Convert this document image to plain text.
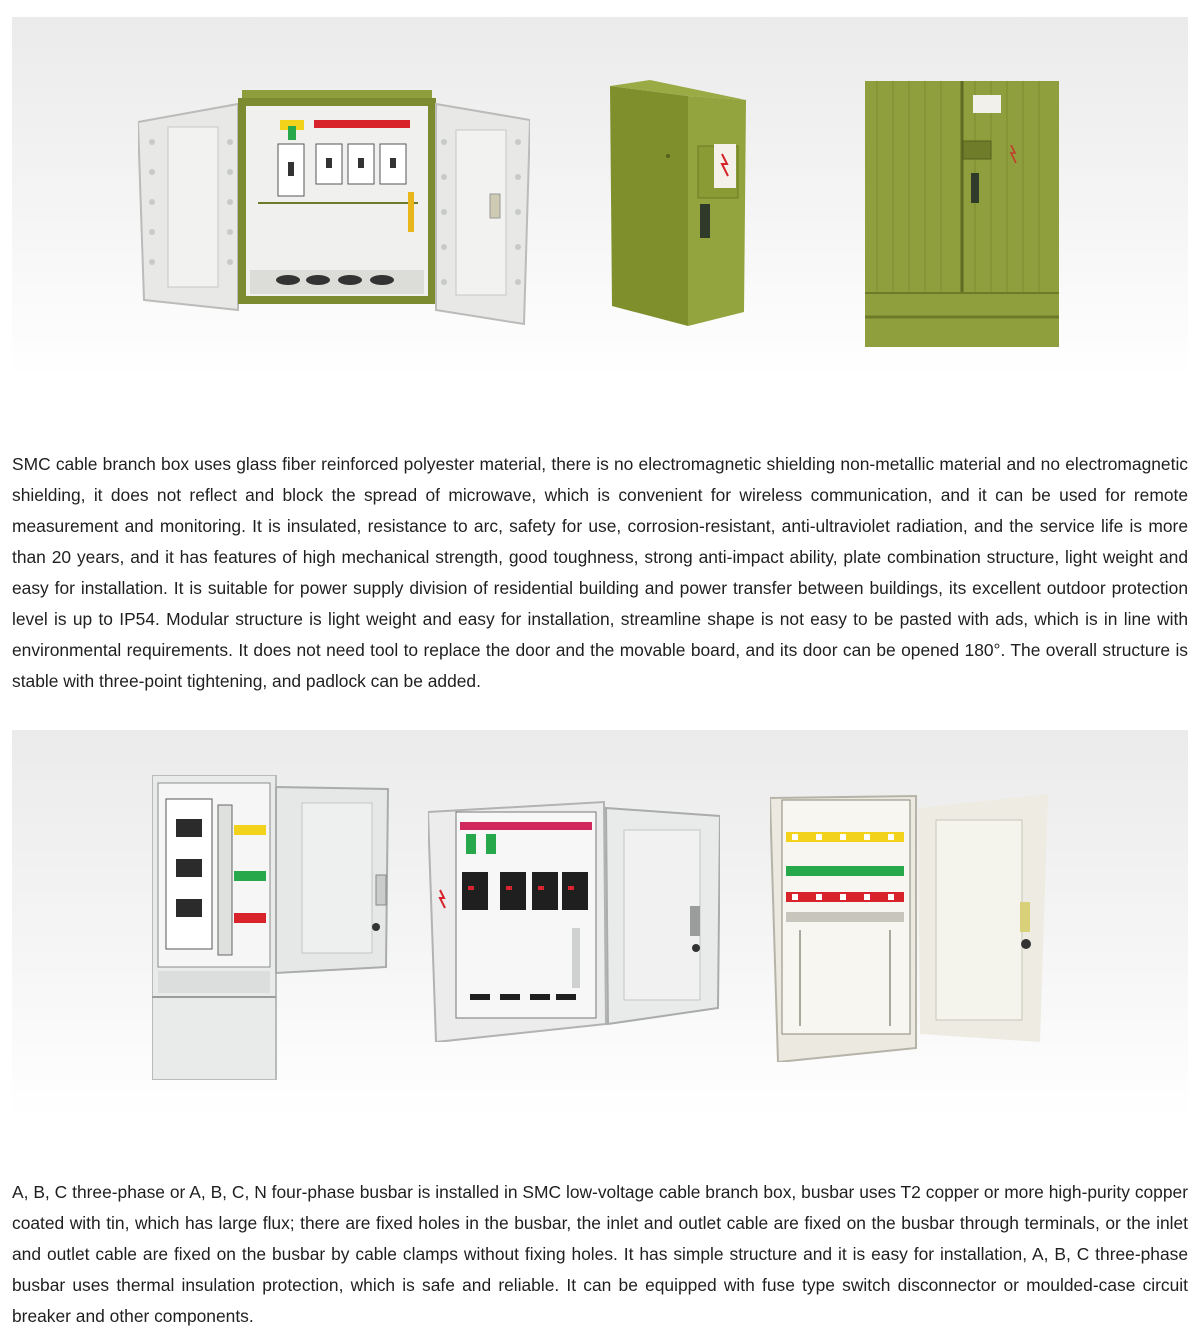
SMC cable branch box uses glass fiber reinforced polyester material, there is no electromagnetic shielding non-metallic material and no electromagnetic shielding, it does not reflect and block the spread of microwave, which is convenient for wireless communication, and it can be used for remote measurement and monitoring. It is insulated, resistance to arc, safety for use, corrosion-resistant, anti-ultraviolet radiation, and the service life is more than 20 years, and it has features of high mechanical strength, good toughness, strong anti-impact ability, plate combination structure, light weight and easy for installation. It is suitable for power supply division of residential building and power transfer between buildings, its excellent outdoor protection level is up to IP54. Modular structure is light weight and easy for installation, streamline shape is not easy to be pasted with ads, which is in line with environmental requirements. It does not need tool to replace the door and the movable board, and its door can be opened 180°. The overall structure is stable with three-point tightening, and padlock can be added.

A, B, C three-phase or A, B, C, N four-phase busbar is installed in SMC low-voltage cable branch box, busbar uses T2 copper or more high-purity copper coated with tin, which has large flux; there are fixed holes in the busbar, the inlet and outlet cable are fixed on the busbar through terminals, or the inlet and outlet cable are fixed on the busbar by cable clamps without fixing holes. It has simple structure and it is easy for installation, A, B, C three-phase busbar uses thermal insulation protection, which is safe and reliable. It can be equipped with fuse type switch disconnector or moulded-case circuit breaker and other components.
